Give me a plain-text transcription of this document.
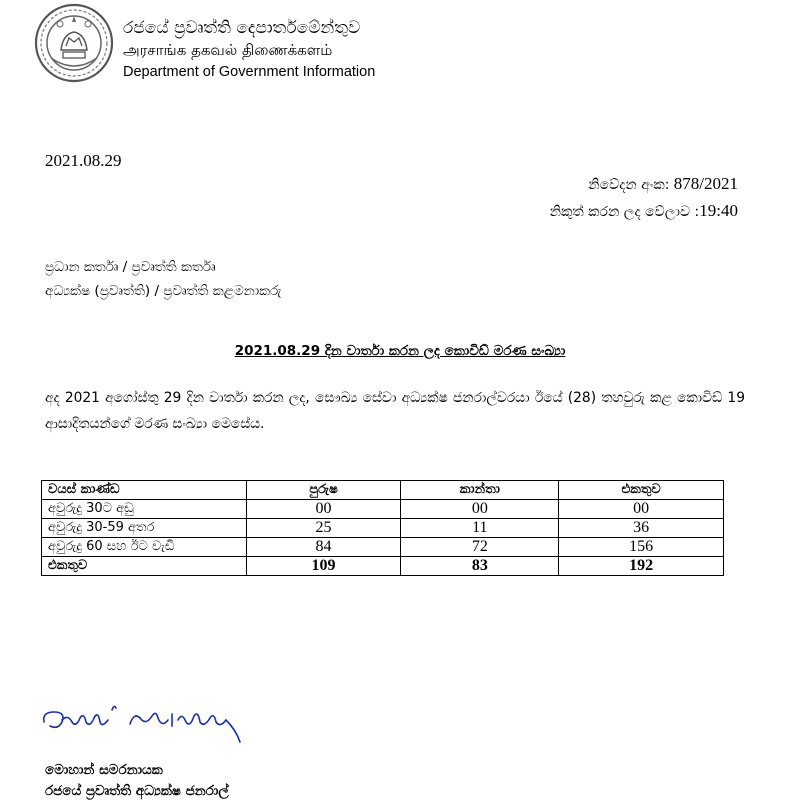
රජයේ ප්‍රවෘත්ති දෙපාර්තමේන්තුව
அரசாங்க தகவல் திணைக்களம்
Department of Government Information
2021.08.29
නිවේදන අංක: 878/2021
නිකුත් කරන ලද වේලාව :19:40
ප්‍රධාන කර්තෘ / ප්‍රවෘත්ති කර්තෘ
අධ්‍යක්ෂ (ප්‍රවෘත්ති) / ප්‍රවෘත්ති කළමනාකරු
2021.08.29 දින වාර්තා කරන ලද කොවිඩ් මරණ සංඛ්‍යා
අද 2021 අගෝස්තු 29 දින වාර්තා කරන ලද, සෞඛ්‍ය සේවා අධ්‍යක්ෂ ජනරාල්වරයා ඊයේ (28) තහවුරු කළ කොවිඩ් 19 ආසාදිතයන්ගේ මරණ සංඛ්‍යා මෙසේය.
වයස් කාණ්ඩ	පුරුෂ	කාන්තා	එකතුව
අවුරුදු 30ට අඩු	00	00	00
අවුරුදු 30-59 අතර	25	11	36
අවුරුදු 60 සහ ඊට වැඩි	84	72	156
එකතුව	109	83	192
මොහාන් සමරනායක
රජයේ ප්‍රවෘත්ති අධ්‍යක්ෂ ජනරාල්
